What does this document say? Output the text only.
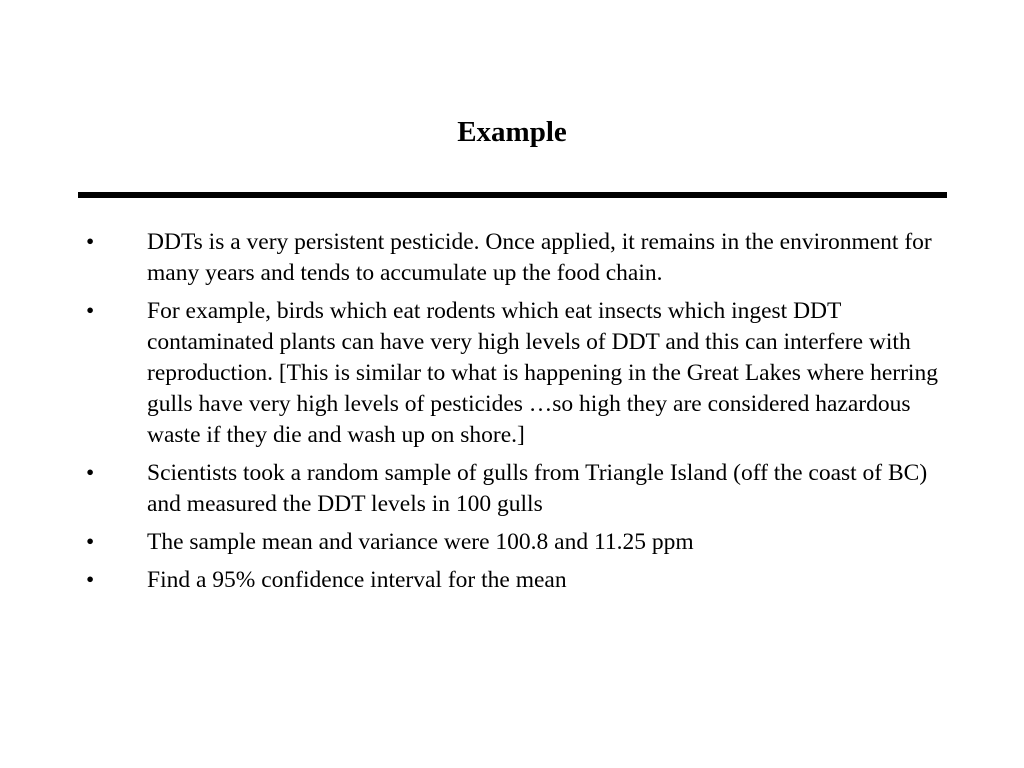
Example
•	DDTs is a very persistent pesticide. Once applied, it remains in the environment for many years and tends to accumulate up the food chain.
•	For example, birds which eat rodents which eat insects which ingest DDT contaminated plants can have very high levels of DDT and this can interfere with reproduction. [This is similar to what is happening in the Great Lakes where herring gulls have very high levels of pesticides …so high they are considered hazardous waste if they die and wash up on shore.]
•	Scientists took a random sample of gulls from Triangle Island (off the coast of BC) and measured the DDT levels in 100 gulls
•	The sample mean and variance were 100.8 and 11.25 ppm
•	Find a 95% confidence interval for the mean
